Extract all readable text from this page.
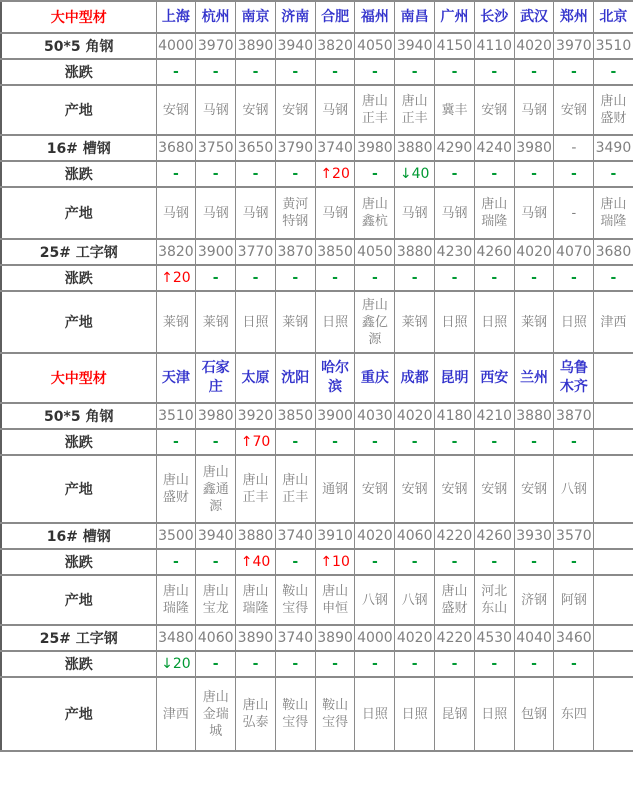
大中型材	上海	杭州	南京	济南	合肥	福州	南昌	广州	长沙	武汉	郑州	北京
50*5 角钢	4000	3970	3890	3940	3820	4050	3940	4150	4110	4020	3970	3510
涨跌	-	-	-	-	-	-	-	-	-	-	-	-
产地	安钢	马钢	安钢	安钢	马钢	唐山正丰	唐山正丰	冀丰	安钢	马钢	安钢	唐山盛财
16# 槽钢	3680	3750	3650	3790	3740	3980	3880	4290	4240	3980	-	3490
涨跌	-	-	-	-	↑20	-	↓40	-	-	-	-	-
产地	马钢	马钢	马钢	黄河特钢	马钢	唐山鑫杭	马钢	马钢	唐山瑞隆	马钢	-	唐山瑞隆
25# 工字钢	3820	3900	3770	3870	3850	4050	3880	4230	4260	4020	4070	3680
涨跌	↑20	-	-	-	-	-	-	-	-	-	-	-
产地	莱钢	莱钢	日照	莱钢	日照	唐山鑫亿源	莱钢	日照	日照	莱钢	日照	津西
大中型材	天津	石家庄	太原	沈阳	哈尔滨	重庆	成都	昆明	西安	兰州	乌鲁木齐	
50*5 角钢	3510	3980	3920	3850	3900	4030	4020	4180	4210	3880	3870	
涨跌	-	-	↑70	-	-	-	-	-	-	-	-	
产地	唐山盛财	唐山鑫通源	唐山正丰	唐山正丰	通钢	安钢	安钢	安钢	安钢	安钢	八钢	
16# 槽钢	3500	3940	3880	3740	3910	4020	4060	4220	4260	3930	3570	
涨跌	-	-	↑40	-	↑10	-	-	-	-	-	-	
产地	唐山瑞隆	唐山宝龙	唐山瑞隆	鞍山宝得	唐山申恒	八钢	八钢	唐山盛财	河北东山	济钢	阿钢	
25# 工字钢	3480	4060	3890	3740	3890	4000	4020	4220	4530	4040	3460	
涨跌	↓20	-	-	-	-	-	-	-	-	-	-	
产地	津西	唐山金瑞城	唐山弘泰	鞍山宝得	鞍山宝得	日照	日照	昆钢	日照	包钢	东四	
